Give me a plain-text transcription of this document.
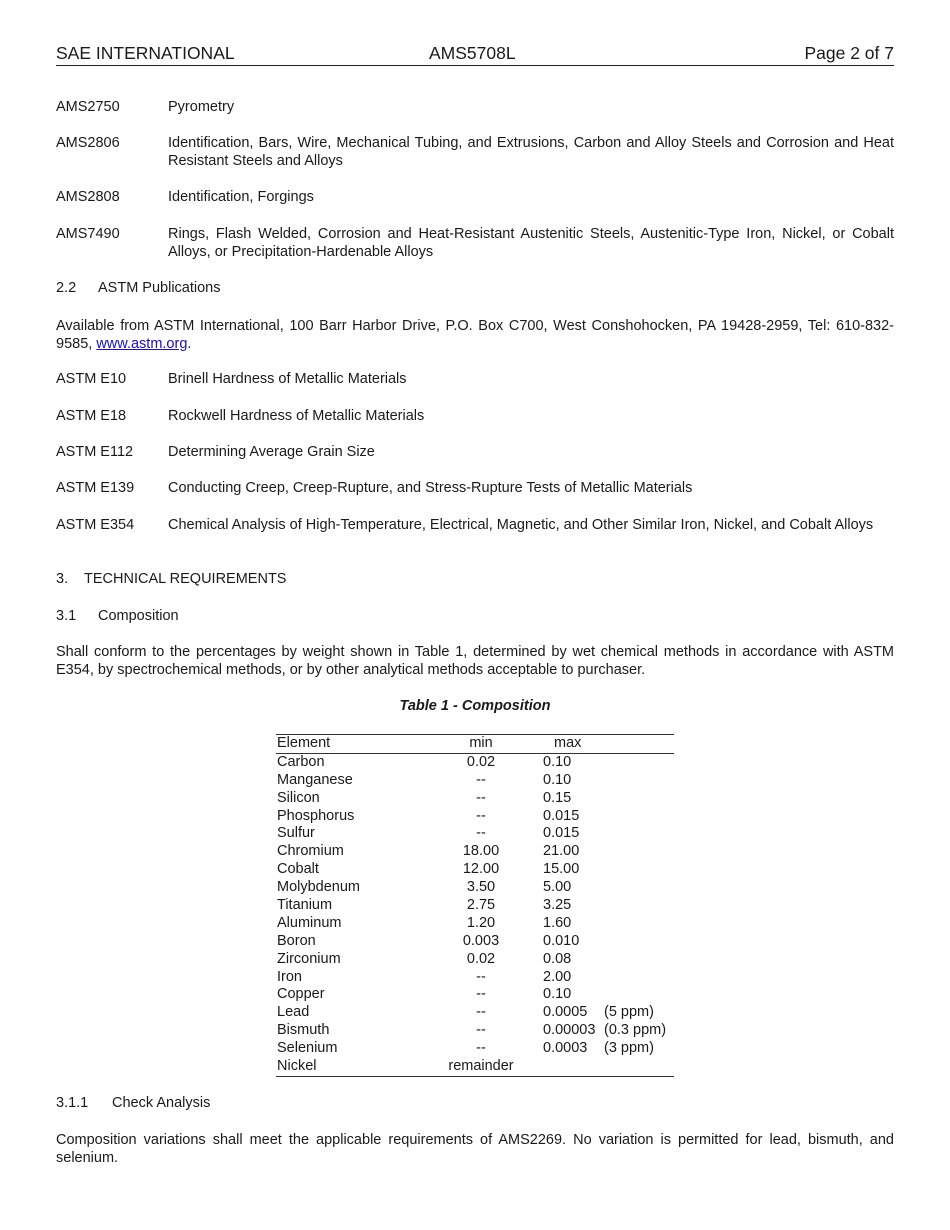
SAE INTERNATIONAL	AMS5708L	Page 2 of 7
AMS2750	Pyrometry
AMS2806	Identification, Bars, Wire, Mechanical Tubing, and Extrusions, Carbon and Alloy Steels and Corrosion and Heat Resistant Steels and Alloys
AMS2808	Identification, Forgings
AMS7490	Rings, Flash Welded, Corrosion and Heat-Resistant Austenitic Steels, Austenitic-Type Iron, Nickel, or Cobalt Alloys, or Precipitation-Hardenable Alloys
2.2 ASTM Publications
Available from ASTM International, 100 Barr Harbor Drive, P.O. Box C700, West Conshohocken, PA 19428-2959, Tel: 610-832-9585, www.astm.org.
ASTM E10	Brinell Hardness of Metallic Materials
ASTM E18	Rockwell Hardness of Metallic Materials
ASTM E112 Determining Average Grain Size
ASTM E139 Conducting Creep, Creep-Rupture, and Stress-Rupture Tests of Metallic Materials
ASTM E354 Chemical Analysis of High-Temperature, Electrical, Magnetic, and Other Similar Iron, Nickel, and Cobalt Alloys
3. TECHNICAL REQUIREMENTS
3.1 Composition
Shall conform to the percentages by weight shown in Table 1, determined by wet chemical methods in accordance with ASTM E354, by spectrochemical methods, or by other analytical methods acceptable to purchaser.
Table 1 - Composition
Element	min	max
Carbon	0.02	0.10
Manganese	--	0.10
Silicon	--	0.15
Phosphorus	--	0.015
Sulfur	--	0.015
Chromium	18.00	21.00
Cobalt	12.00	15.00
Molybdenum	3.50	5.00
Titanium	2.75	3.25
Aluminum	1.20	1.60
Boron	0.003	0.010
Zirconium	0.02	0.08
Iron	--	2.00
Copper	--	0.10
Lead	--	0.0005 (5 ppm)
Bismuth	--	0.00003 (0.3 ppm)
Selenium	--	0.0003 (3 ppm)
Nickel	remainder
3.1.1 Check Analysis
Composition variations shall meet the applicable requirements of AMS2269. No variation is permitted for lead, bismuth, and selenium.
